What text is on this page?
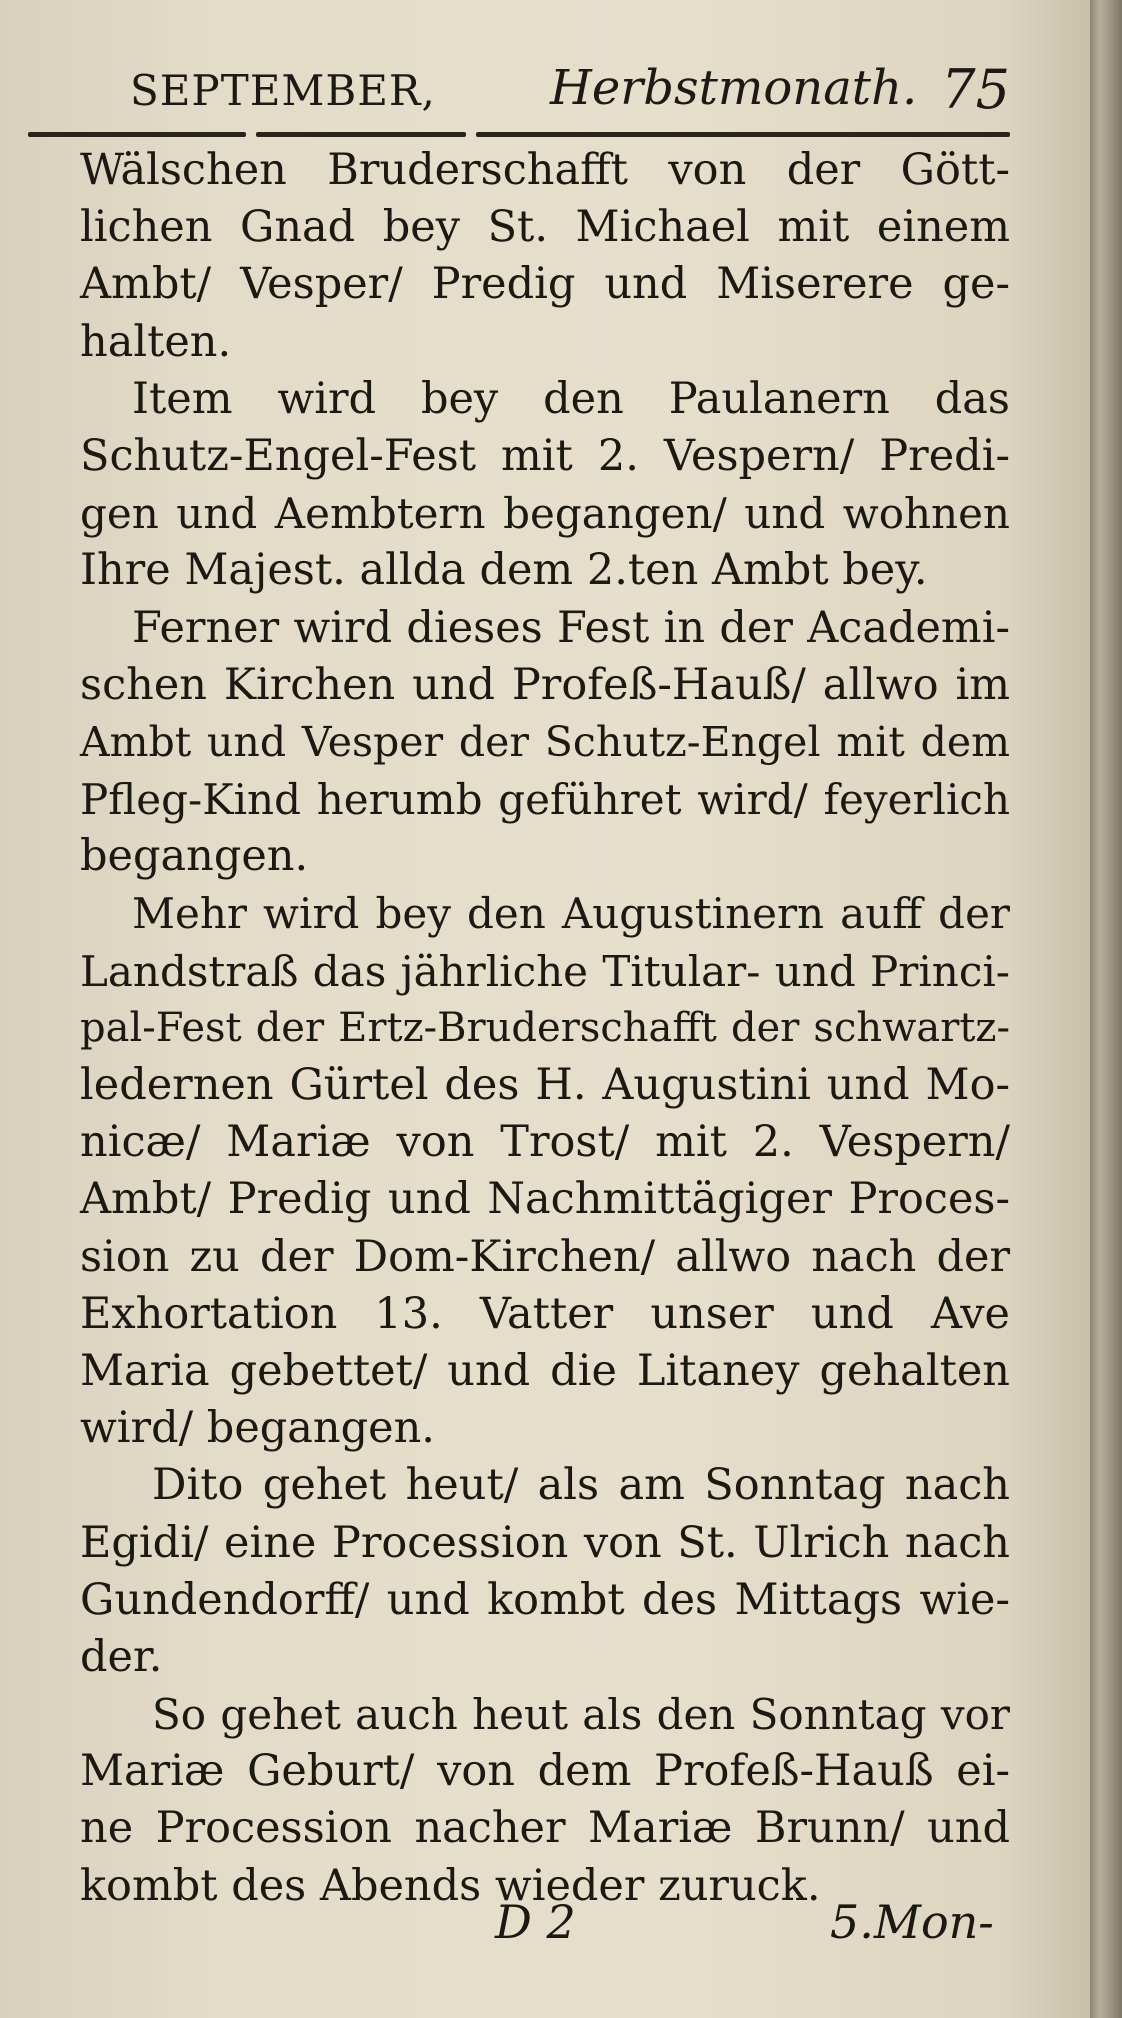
SEPTEMBER, Herbstmonath. 75
Wälschen Bruderschafft von der Gött-
lichen Gnad bey St. Michael mit einem
Ambt/ Vesper/ Predig und Miserere ge-
halten.
Item wird bey den Paulanern das
Schutz-Engel-Fest mit 2. Vespern/ Predi-
gen und Aembtern begangen/ und wohnen
Ihre Majest. allda dem 2.ten Ambt bey.
Ferner wird dieses Fest in der Academi-
schen Kirchen und Profeß-Hauß/ allwo im
Ambt und Vesper der Schutz-Engel mit dem
Pfleg-Kind herumb geführet wird/ feyerlich
begangen.
Mehr wird bey den Augustinern auff der
Landstraß das jährliche Titular- und Princi-
pal-Fest der Ertz-Bruderschafft der schwartz-
ledernen Gürtel des H. Augustini und Mo-
nicæ/ Mariæ von Trost/ mit 2. Vespern/
Ambt/ Predig und Nachmittägiger Proces-
sion zu der Dom-Kirchen/ allwo nach der
Exhortation 13. Vatter unser und Ave
Maria gebettet/ und die Litaney gehalten
wird/ begangen.
Dito gehet heut/ als am Sonntag nach
Egidi/ eine Procession von St. Ulrich nach
Gundendorff/ und kombt des Mittags wie-
der.
So gehet auch heut als den Sonntag vor
Mariæ Geburt/ von dem Profeß-Hauß ei-
ne Procession nacher Mariæ Brunn/ und
kombt des Abends wieder zuruck.
D 2	5.Mon-
